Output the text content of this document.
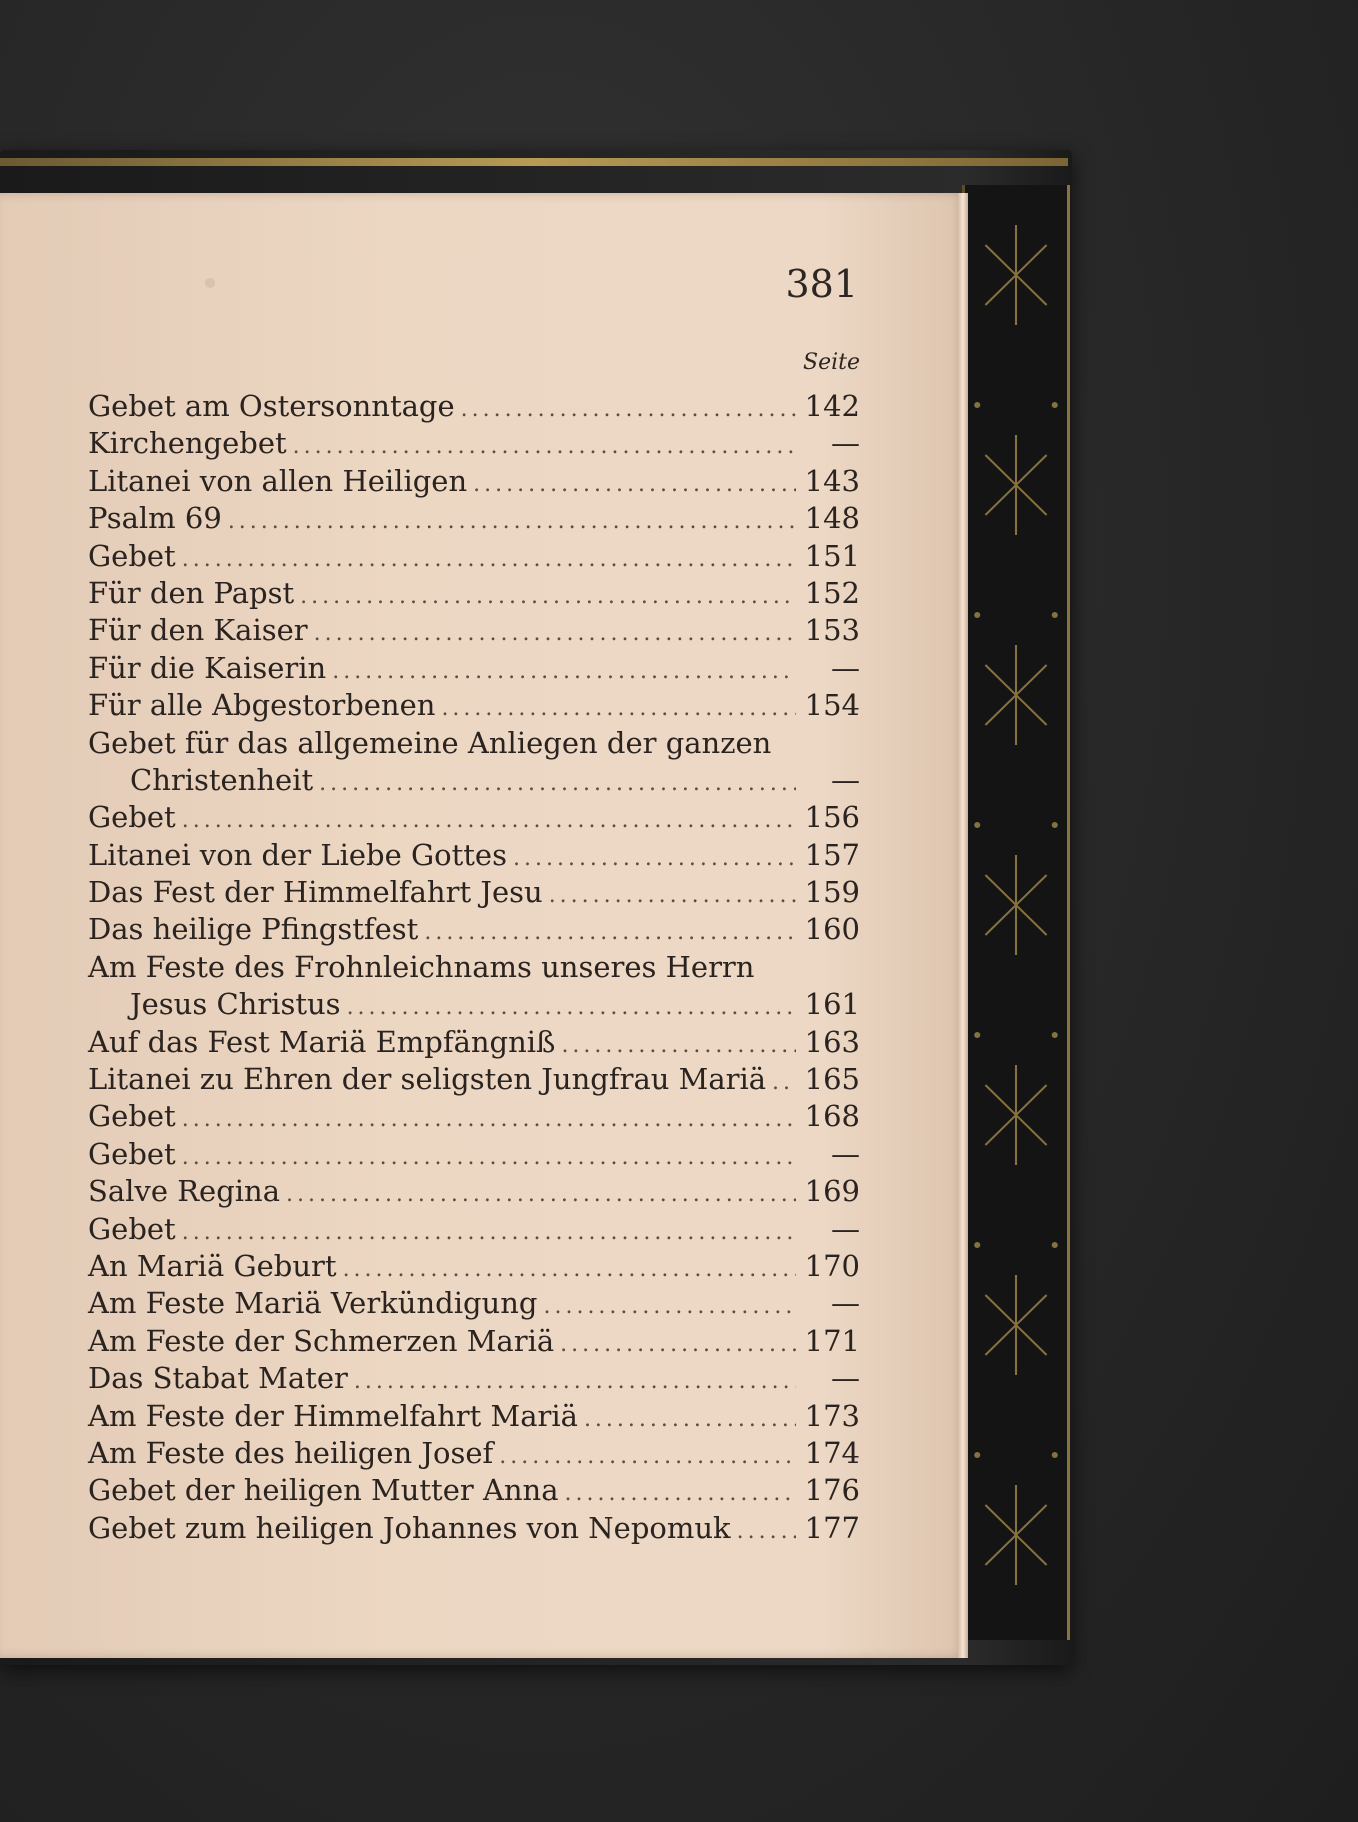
381
Seite
Gebet am Ostersonntage .....	142
Kirchengebet .....	—
Litanei von allen Heiligen .....	143
Psalm 69 .....	148
Gebet .....	151
Für den Papst .....	152
Für den Kaiser .....	153
Für die Kaiserin .....	—
Für alle Abgestorbenen .....	154
Gebet für das allgemeine Anliegen der ganzen
Christenheit .....	—
Gebet .....	156
Litanei von der Liebe Gottes .....	157
Das Fest der Himmelfahrt Jesu .....	159
Das heilige Pfingstfest .....	160
Am Feste des Frohnleichnams unseres Herrn
Jesus Christus .....	161
Auf das Fest Mariä Empfängniß .....	163
Litanei zu Ehren der seligsten Jungfrau Mariä ..... 165
Gebet .....	168
Gebet .....	—
Salve Regina .....	169
Gebet .....	—
An Mariä Geburt .....	170
Am Feste Mariä Verkündigung .....	—
Am Feste der Schmerzen Mariä .....	171
Das Stabat Mater .....	—
Am Feste der Himmelfahrt Mariä .....	173
Am Feste des heiligen Josef .....	174
Gebet der heiligen Mutter Anna .....	176
Gebet zum heiligen Johannes von Nepomuk .....	177
